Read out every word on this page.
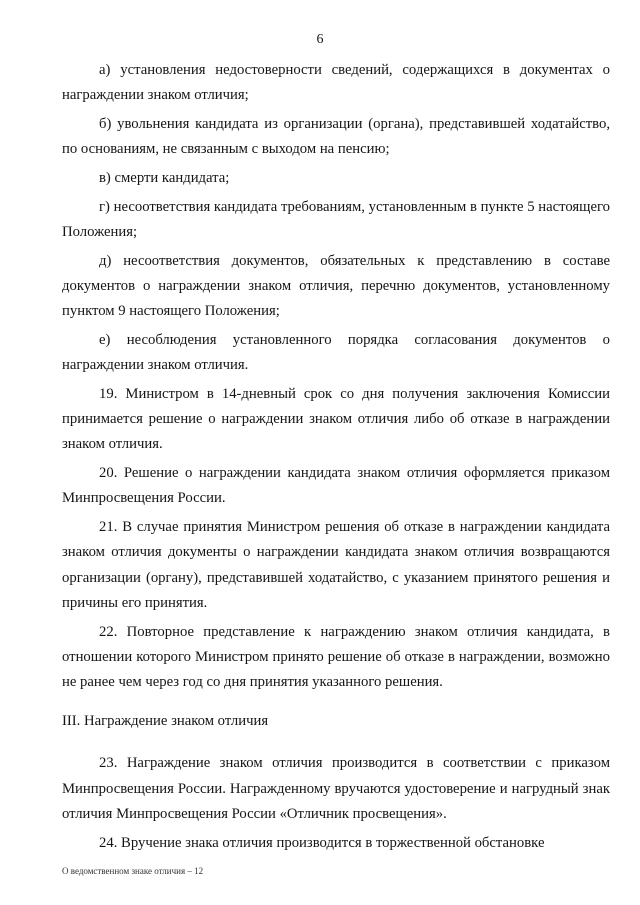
6

а) установления недостоверности сведений, содержащихся в документах о награждении знаком отличия;

б) увольнения кандидата из организации (органа), представившей ходатайство, по основаниям, не связанным с выходом на пенсию;

в) смерти кандидата;

г) несоответствия кандидата требованиям, установленным в пункте 5 настоящего Положения;

д) несоответствия документов, обязательных к представлению в составе документов о награждении знаком отличия, перечню документов, установленному пунктом 9 настоящего Положения;

е) несоблюдения установленного порядка согласования документов о награждении знаком отличия.

19. Министром в 14-дневный срок со дня получения заключения Комиссии принимается решение о награждении знаком отличия либо об отказе в награждении знаком отличия.

20. Решение о награждении кандидата знаком отличия оформляется приказом Минпросвещения России.

21. В случае принятия Министром решения об отказе в награждении кандидата знаком отличия документы о награждении кандидата знаком отличия возвращаются организации (органу), представившей ходатайство, с указанием принятого решения и причины его принятия.

22. Повторное представление к награждению знаком отличия кандидата, в отношении которого Министром принято решение об отказе в награждении, возможно не ранее чем через год со дня принятия указанного решения.

III. Награждение знаком отличия

23. Награждение знаком отличия производится в соответствии с приказом Минпросвещения России. Награжденному вручаются удостоверение и нагрудный знак отличия Минпросвещения России «Отличник просвещения».

24. Вручение знака отличия производится в торжественной обстановке

О ведомственном знаке отличия – 12
